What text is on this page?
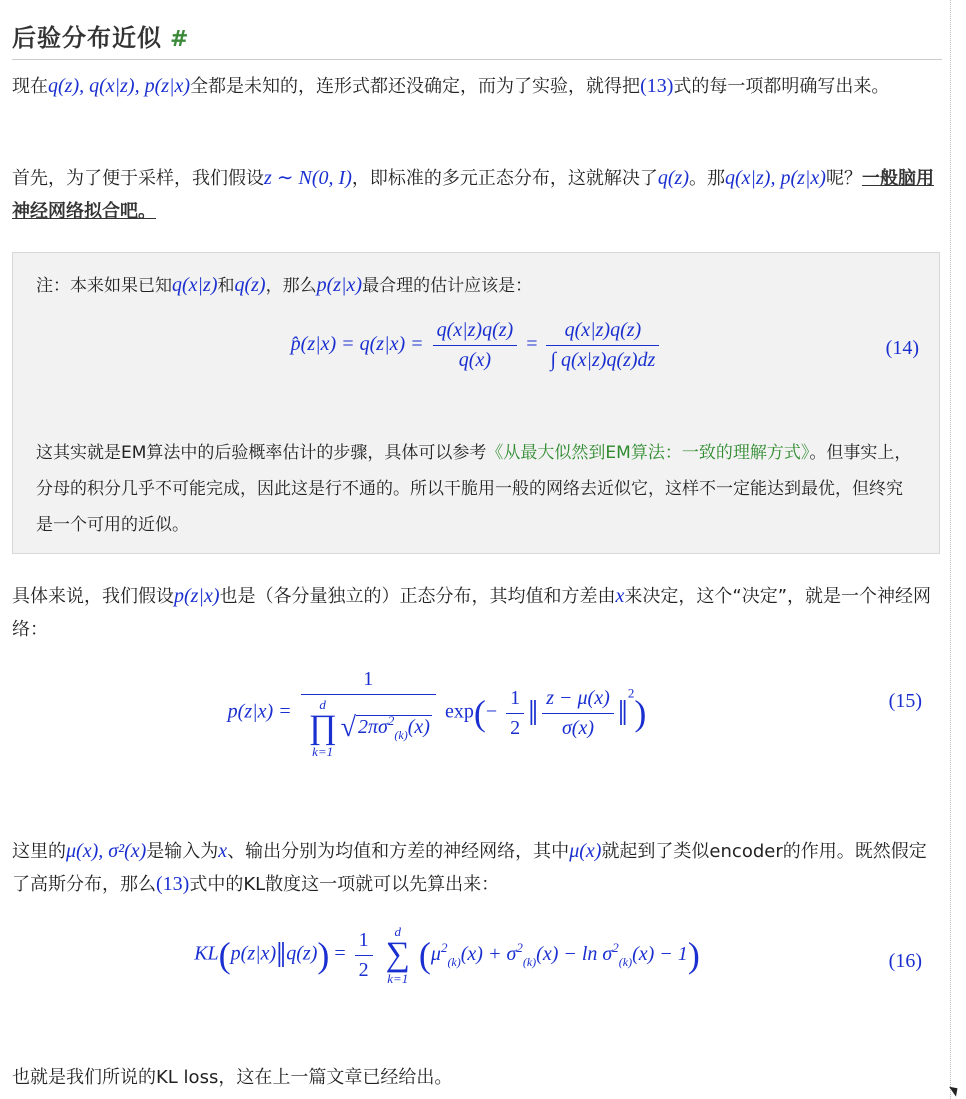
后验分布近似 #
现在q(z), q(x|z), p(z|x)全都是未知的，连形式都还没确定，而为了实验，就得把(13)式的每一项都明确写出来。
首先，为了便于采样，我们假设z ∼ N(0, I)，即标准的多元正态分布，这就解决了q(z)。那q(x|z), p(z|x)呢？一般脑用神经网络拟合吧。
注：本来如果已知q(x|z)和q(z)，那么p(z|x)最合理的估计应该是：
p̂(z|x) = $q(z|x) = \frac{q(x|z)q(z)}{q(x)} = \frac{q(x|z)q(z)}{\int q(x|z)q(z)dz}$	(14)
这其实就是EM算法中的后验概率估计的步骤，具体可以参考《从最大似然到EM算法：一致的理解方式》。但事实上，分母的积分几乎不可能完成，因此这是行不通的。所以干脆用一般的网络去近似它，这样不一定能达到最优，但终究是一个可用的近似。
具体来说，我们假设p(z|x)也是（各分量独立的）正态分布，其均值和方差由x来决定，这个“决定”，就是一个神经网络：
p(z|x) = 1
d
∏
k=1
√ $2\pi\sigma^2_{(k)}(x)$ $\exp(- \frac{1}{2}$ ‖ $\frac{z - \mu(x)}{\sigma(x)}$ ‖$^2$)	(15)
这里的μ(x), σ²(x)是输入为x、输出分别为均值和方差的神经网络，其中μ(x)就起到了类似encoder的作用。既然假定了高斯分布，那么(13)式中的KL散度这一项就可以先算出来：
KL(p(z|x)‖q(z)) = $\frac{1}{2}$
	d
∑
k=1
$(\mu^2_{(k)}(x) + \sigma^2_{(k)}(x) - \ln \sigma^2_{(k)}(x) - 1)$	(16)
也就是我们所说的KL loss，这在上一篇文章已经给出。
